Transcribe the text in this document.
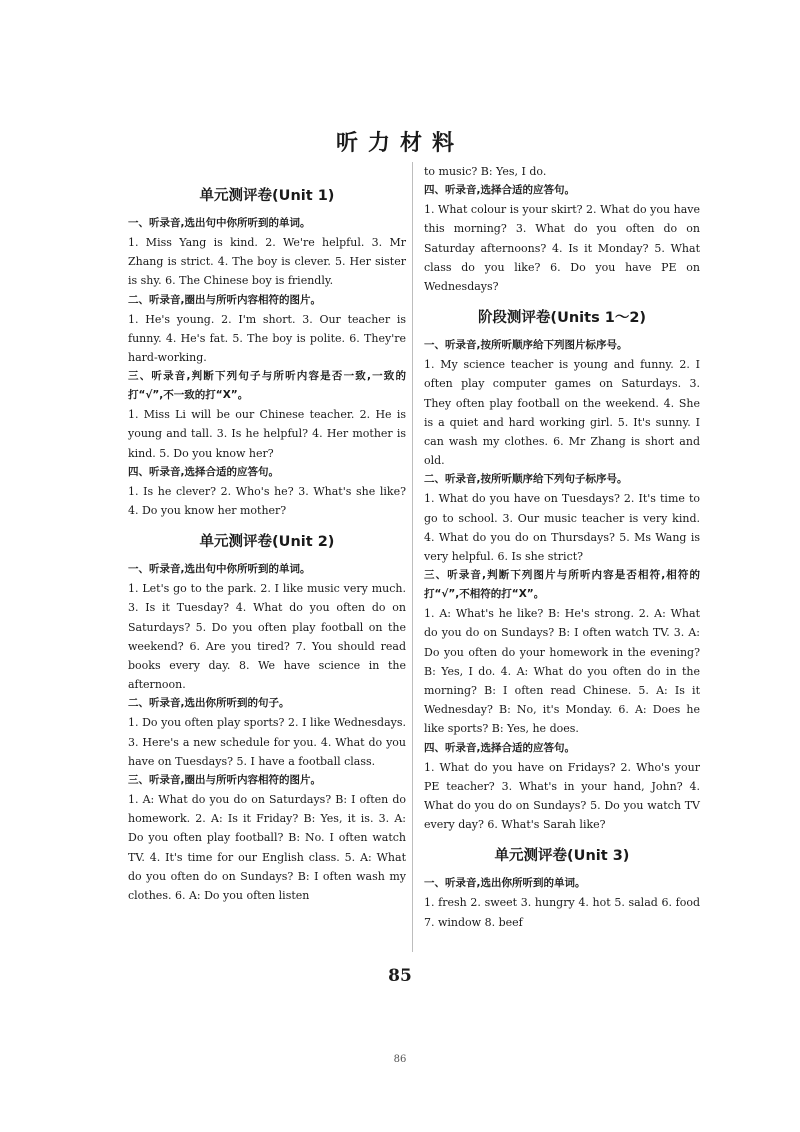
听力材料
单元测评卷(Unit 1)
一、听录音,选出句中你所听到的单词。
1. Miss Yang is kind. 2. We're helpful. 3. Mr Zhang is strict. 4. The boy is clever. 5. Her sister is shy. 6. The Chinese boy is friendly.
二、听录音,圈出与所听内容相符的图片。
1. He's young. 2. I'm short. 3. Our teacher is funny. 4. He's fat. 5. The boy is polite. 6. They're hard-working.
三、听录音,判断下列句子与所听内容是否一致,一致的打“√”,不一致的打“X”。
1. Miss Li will be our Chinese teacher. 2. He is young and tall. 3. Is he helpful? 4. Her mother is kind. 5. Do you know her?
四、听录音,选择合适的应答句。
1. Is he clever? 2. Who's he? 3. What's she like? 4. Do you know her mother?
单元测评卷(Unit 2)
一、听录音,选出句中你所听到的单词。
1. Let's go to the park. 2. I like music very much. 3. Is it Tuesday? 4. What do you often do on Saturdays? 5. Do you often play football on the weekend? 6. Are you tired? 7. You should read books every day. 8. We have science in the afternoon.
二、听录音,选出你所听到的句子。
1. Do you often play sports? 2. I like Wednesdays. 3. Here's a new schedule for you. 4. What do you have on Tuesdays? 5. I have a football class.
三、听录音,圈出与所听内容相符的图片。
1. A: What do you do on Saturdays? B: I often do homework. 2. A: Is it Friday? B: Yes, it is. 3. A: Do you often play football? B: No. I often watch TV. 4. It's time for our English class. 5. A: What do you often do on Sundays? B: I often wash my clothes. 6. A: Do you often listen
to music? B: Yes, I do.
四、听录音,选择合适的应答句。
1. What colour is your skirt? 2. What do you have this morning? 3. What do you often do on Saturday afternoons? 4. Is it Monday? 5. What class do you like? 6. Do you have PE on Wednesdays?
阶段测评卷(Units 1～2)
一、听录音,按所听顺序给下列图片标序号。
1. My science teacher is young and funny. 2. I often play computer games on Saturdays. 3. They often play football on the weekend. 4. She is a quiet and hard working girl. 5. It's sunny. I can wash my clothes. 6. Mr Zhang is short and old.
二、听录音,按所听顺序给下列句子标序号。
1. What do you have on Tuesdays? 2. It's time to go to school. 3. Our music teacher is very kind. 4. What do you do on Thursdays? 5. Ms Wang is very helpful. 6. Is she strict?
三、听录音,判断下列图片与所听内容是否相符,相符的打“√”,不相符的打“X”。
1. A: What's he like? B: He's strong. 2. A: What do you do on Sundays? B: I often watch TV. 3. A: Do you often do your homework in the evening? B: Yes, I do. 4. A: What do you often do in the morning? B: I often read Chinese. 5. A: Is it Wednesday? B: No, it's Monday. 6. A: Does he like sports? B: Yes, he does.
四、听录音,选择合适的应答句。
1. What do you have on Fridays? 2. Who's your PE teacher? 3. What's in your hand, John? 4. What do you do on Sundays? 5. Do you watch TV every day? 6. What's Sarah like?
单元测评卷(Unit 3)
一、听录音,选出你所听到的单词。
1. fresh 2. sweet 3. hungry 4. hot 5. salad 6. food 7. window 8. beef
85
86
